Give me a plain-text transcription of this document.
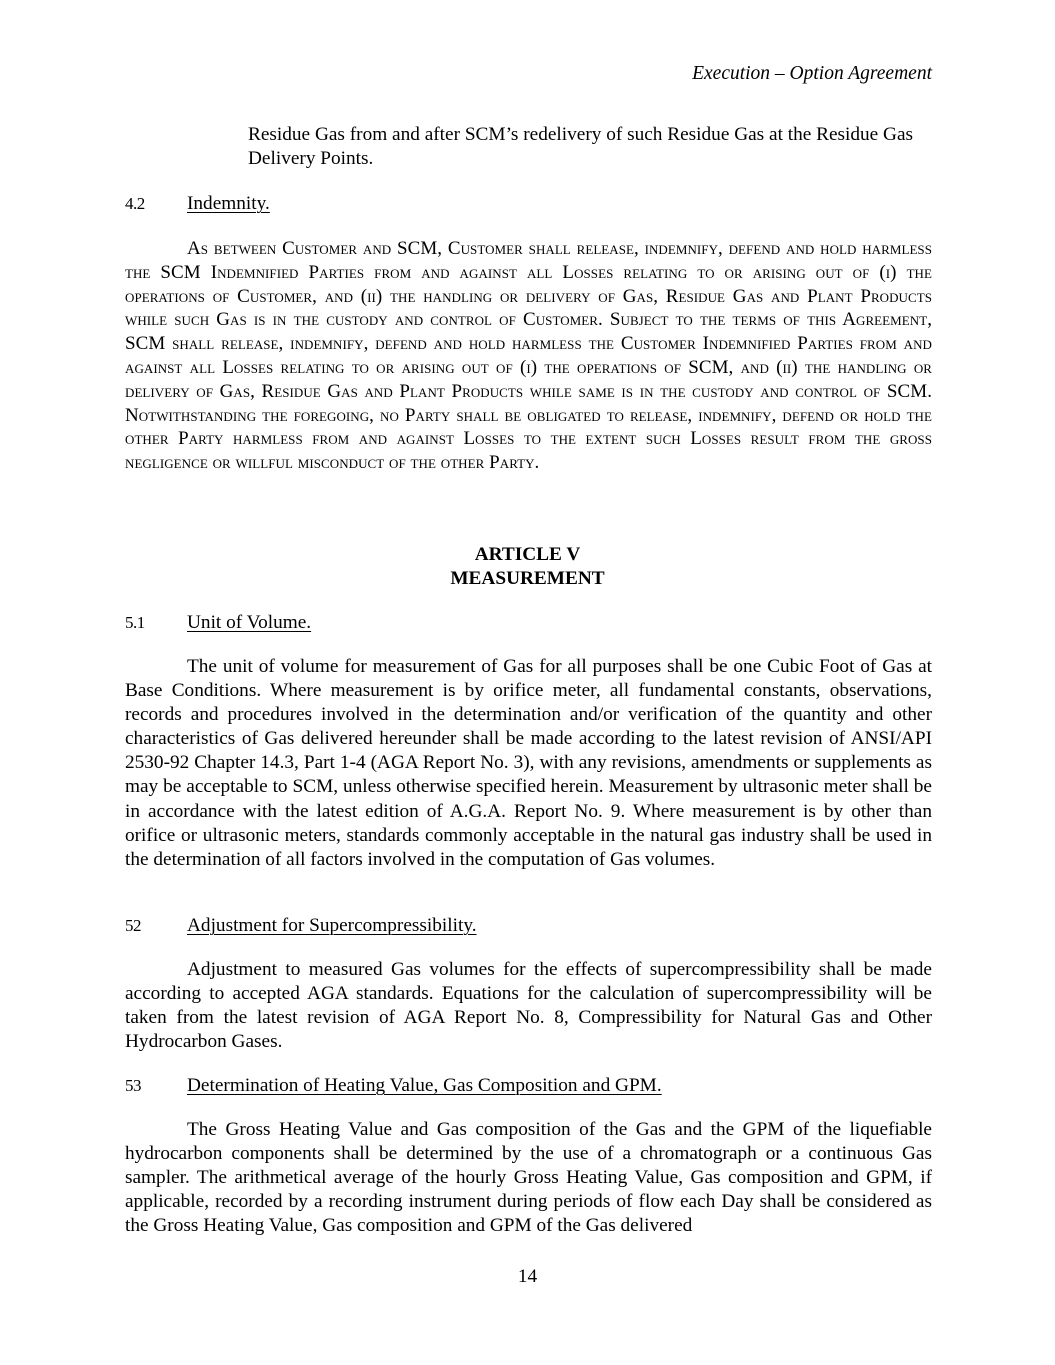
Execution – Option Agreement
Residue Gas from and after SCM’s redelivery of such Residue Gas at the Residue Gas Delivery Points.
4.2 Indemnity.
As between Customer and SCM, Customer shall release, indemnify, defend and hold harmless the SCM Indemnified Parties from and against all Losses relating to or arising out of (i) the operations of Customer, and (ii) the handling or delivery of Gas, Residue Gas and Plant Products while such Gas is in the custody and control of Customer. Subject to the terms of this Agreement, SCM shall release, indemnify, defend and hold harmless the Customer Indemnified Parties from and against all Losses relating to or arising out of (i) the operations of SCM, and (ii) the handling or delivery of Gas, Residue Gas and Plant Products while same is in the custody and control of SCM. Notwithstanding the foregoing, no Party shall be obligated to release, indemnify, defend or hold the other Party harmless from and against Losses to the extent such Losses result from the gross negligence or willful misconduct of the other Party.
ARTICLE V
MEASUREMENT
5.1 Unit of Volume.
The unit of volume for measurement of Gas for all purposes shall be one Cubic Foot of Gas at Base Conditions. Where measurement is by orifice meter, all fundamental constants, observations, records and procedures involved in the determination and/or verification of the quantity and other characteristics of Gas delivered hereunder shall be made according to the latest revision of ANSI/API 2530-92 Chapter 14.3, Part 1-4 (AGA Report No. 3), with any revisions, amendments or supplements as may be acceptable to SCM, unless otherwise specified herein. Measurement by ultrasonic meter shall be in accordance with the latest edition of A.G.A. Report No. 9. Where measurement is by other than orifice or ultrasonic meters, standards commonly acceptable in the natural gas industry shall be used in the determination of all factors involved in the computation of Gas volumes.
52 Adjustment for Supercompressibility.
Adjustment to measured Gas volumes for the effects of supercompressibility shall be made according to accepted AGA standards. Equations for the calculation of supercompressibility will be taken from the latest revision of AGA Report No. 8, Compressibility for Natural Gas and Other Hydrocarbon Gases.
53 Determination of Heating Value, Gas Composition and GPM.
The Gross Heating Value and Gas composition of the Gas and the GPM of the liquefiable hydrocarbon components shall be determined by the use of a chromatograph or a continuous Gas sampler. The arithmetical average of the hourly Gross Heating Value, Gas composition and GPM, if applicable, recorded by a recording instrument during periods of flow each Day shall be considered as the Gross Heating Value, Gas composition and GPM of the Gas delivered
14
